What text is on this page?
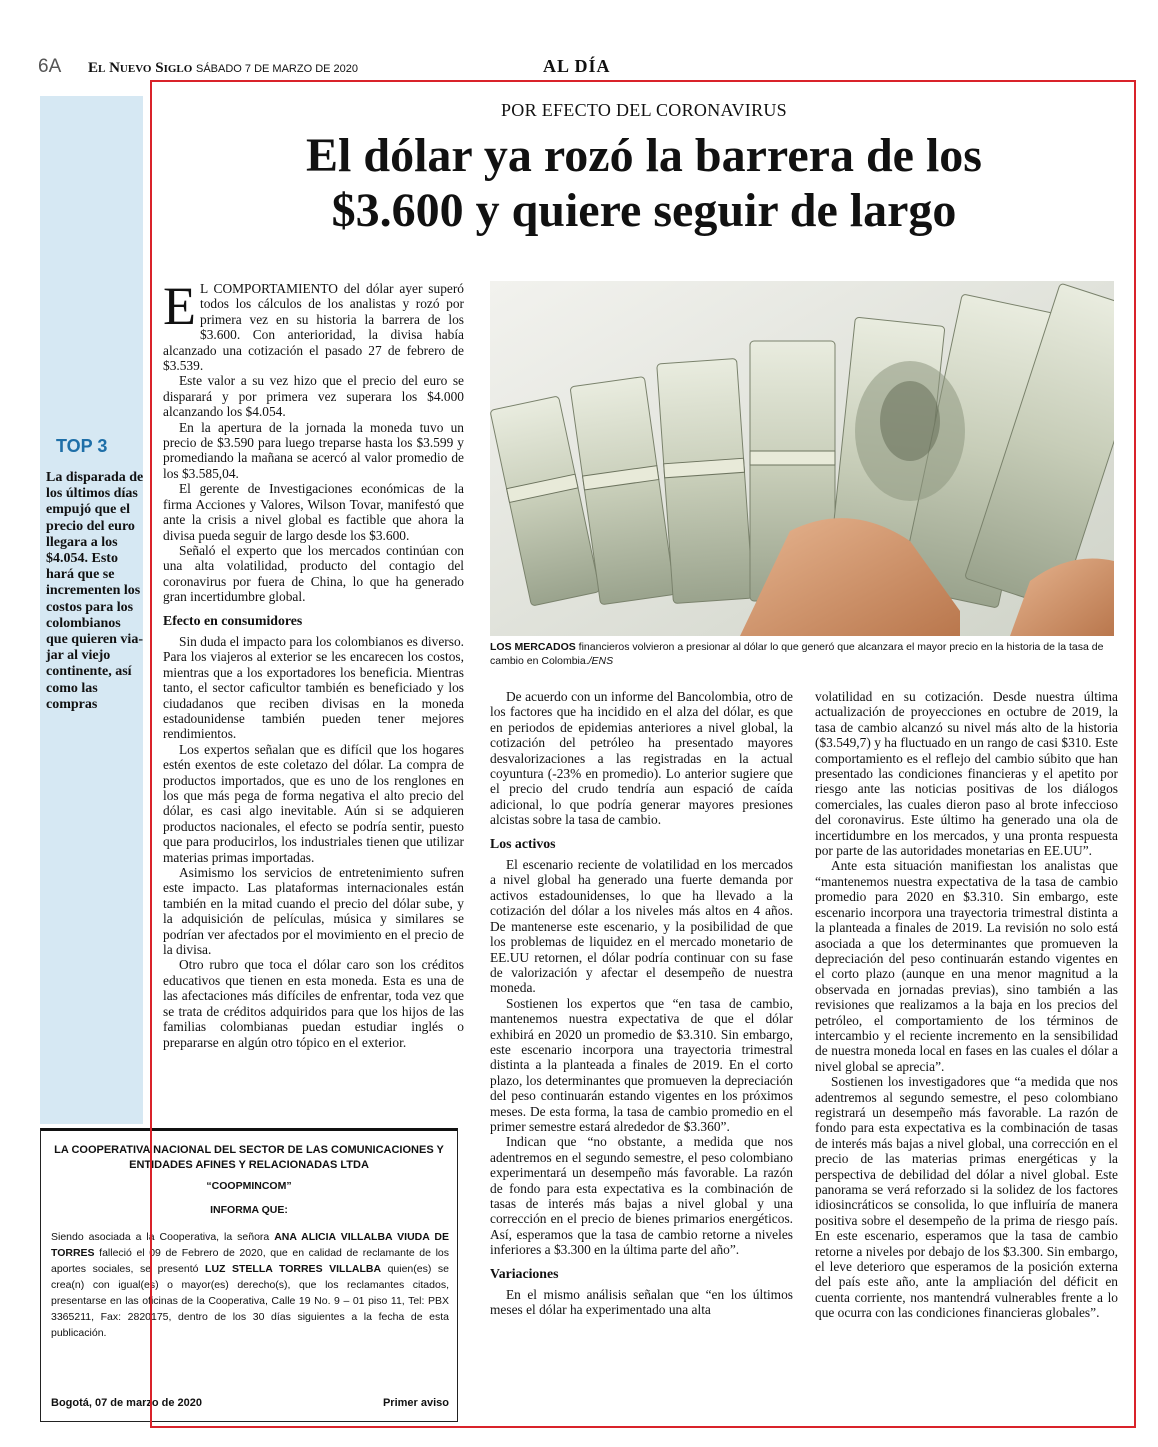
6A El Nuevo Siglo SÁBADO 7 DE MARZO DE 2020	AL DÍA
TOP 3
La disparada de los últimos días empujó que el precio del euro llegara a los $4.054. Esto hará que se incrementen los costos para los colombianos que quieren viajar al viejo continente, así como las compras
POR EFECTO DEL CORONAVIRUS
El dólar ya rozó la barrera de los
$3.600 y quiere seguir de largo

E L COMPORTAMIENTO del dólar ayer superó todos los cálculos de los analistas y rozó por primera vez en su historia la barrera de los $3.600. Con anterioridad, la divisa había alcanzado una cotización el pasado 27 de febrero de $3.539.

Este valor a su vez hizo que el precio del euro se disparará y por primera vez superara los $4.000 alcanzando los $4.054.

En la apertura de la jornada la moneda tuvo un precio de $3.590 para luego treparse hasta los $3.599 y promediando la mañana se acercó al valor promedio de los $3.585,04.

El gerente de Investigaciones económicas de la firma Acciones y Valores, Wilson Tovar, manifestó que ante la crisis a nivel global es factible que ahora la divisa pueda seguir de largo desde los $3.600.

Señaló el experto que los mercados continúan con una alta volatilidad, producto del contagio del coronavirus por fuera de China, lo que ha generado gran incertidumbre global.

Efecto en consumidores

Sin duda el impacto para los colombianos es diverso. Para los viajeros al exterior se les encarecen los costos, mientras que a los exportadores los beneficia. Mientras tanto, el sector caficultor también es beneficiado y los ciudadanos que reciben divisas en la moneda estadounidense también pueden tener mejores rendimientos.

Los expertos señalan que es difícil que los hogares estén exentos de este coletazo del dólar. La compra de productos importados, que es uno de los renglones en los que más pega de forma negativa el alto precio del dólar, es casi algo inevitable. Aún si se adquieren productos nacionales, el efecto se podría sentir, puesto que para producirlos, los industriales tienen que utilizar materias primas importadas.

Asimismo los servicios de entretenimiento sufren este impacto. Las plataformas internacionales están también en la mitad cuando el precio del dólar sube, y la adquisición de películas, música y similares se podrían ver afectados por el movimiento en el precio de la divisa.

Otro rubro que toca el dólar caro son los créditos educativos que tienen en esta moneda. Esta es una de las afectaciones más difíciles de enfrentar, toda vez que se trata de créditos adquiridos para que los hijos de las familias colombianas puedan estudiar inglés o prepararse en algún otro tópico en el exterior.

LOS MERCADOS financieros volvieron a presionar al dólar lo que generó que alcanzara el mayor precio en la historia de la tasa de cambio en Colombia./ENS

De acuerdo con un informe del Bancolombia, otro de los factores que ha incidido en el alza del dólar, es que en periodos de epidemias anteriores a nivel global, la cotización del petróleo ha presentado mayores desvalorizaciones a las registradas en la actual coyuntura (-23% en promedio). Lo anterior sugiere que el precio del crudo tendría aun espació de caída adicional, lo que podría generar mayores presiones alcistas sobre la tasa de cambio.

Los activos

El escenario reciente de volatilidad en los mercados a nivel global ha generado una fuerte demanda por activos estadounidenses, lo que ha llevado a la cotización del dólar a los niveles más altos en 4 años. De mantenerse este escenario, y la posibilidad de que los problemas de liquidez en el mercado monetario de EE.UU retornen, el dólar podría continuar con su fase de valorización y afectar el desempeño de nuestra moneda.

Sostienen los expertos que “en tasa de cambio, mantenemos nuestra expectativa de que el dólar exhibirá en 2020 un promedio de $3.310. Sin embargo, este escenario incorpora una trayectoria trimestral distinta a la planteada a finales de 2019. En el corto plazo, los determinantes que promueven la depreciación del peso continuarán estando vigentes en los próximos meses. De esta forma, la tasa de cambio promedio en el primer semestre estará alrededor de $3.360”.

Indican que “no obstante, a medida que nos adentremos en el segundo semestre, el peso colombiano experimentará un desempeño más favorable. La razón de fondo para esta expectativa es la combinación de tasas de interés más bajas a nivel global y una corrección en el precio de bienes primarios energéticos. Así, esperamos que la tasa de cambio retorne a niveles inferiores a $3.300 en la última parte del año”.

Variaciones

En el mismo análisis señalan que “en los últimos meses el dólar ha experimentado una alta

volatilidad en su cotización. Desde nuestra última actualización de proyecciones en octubre de 2019, la tasa de cambio alcanzó su nivel más alto de la historia ($3.549,7) y ha fluctuado en un rango de casi $310. Este comportamiento es el reflejo del cambio súbito que han presentado las condiciones financieras y el apetito por riesgo ante las noticias positivas de los diálogos comerciales, las cuales dieron paso al brote infeccioso del coronavirus. Este último ha generado una ola de incertidumbre en los mercados, y una pronta respuesta por parte de las autoridades monetarias en EE.UU”.

Ante esta situación manifiestan los analistas que “mantenemos nuestra expectativa de la tasa de cambio promedio para 2020 en $3.310. Sin embargo, este escenario incorpora una trayectoria trimestral distinta a la planteada a finales de 2019. La revisión no solo está asociada a que los determinantes que promueven la depreciación del peso continuarán estando vigentes en el corto plazo (aunque en una menor magnitud a la observada en jornadas previas), sino también a las revisiones que realizamos a la baja en los precios del petróleo, el comportamiento de los términos de intercambio y el reciente incremento en la sensibilidad de nuestra moneda local en fases en las cuales el dólar a nivel global se aprecia”.

Sostienen los investigadores que “a medida que nos adentremos al segundo semestre, el peso colombiano registrará un desempeño más favorable. La razón de fondo para esta expectativa es la combinación de tasas de interés más bajas a nivel global, una corrección en el precio de las materias primas energéticas y la perspectiva de debilidad del dólar a nivel global. Este panorama se verá reforzado si la solidez de los factores idiosincráticos se consolida, lo que influiría de manera positiva sobre el desempeño de la prima de riesgo país. En este escenario, esperamos que la tasa de cambio retorne a niveles por debajo de los $3.300. Sin embargo, el leve deterioro que esperamos de la posición externa del país este año, ante la ampliación del déficit en cuenta corriente, nos mantendrá vulnerables frente a lo que ocurra con las condiciones financieras globales”.

LA COOPERATIVA NACIONAL DEL SECTOR DE LAS COMUNICACIONES Y
ENTIDADES AFINES Y RELACIONADAS LTDA
“COOPMINCOM”
INFORMA QUE:
Siendo asociada a la Cooperativa, la señora ANA ALICIA VILLALBA VIUDA DE TORRES falleció el 09 de Febrero de 2020, que en calidad de reclamante de los aportes sociales, se presentó LUZ STELLA TORRES VILLALBA quien(es) se crea(n) con igual(es) o mayor(es) derecho(s), que los reclamantes citados, presentarse en las oficinas de la Cooperativa, Calle 19 No. 9 – 01 piso 11, Tel: PBX 3365211, Fax: 2820175, dentro de los 30 días siguientes a la fecha de esta publicación.
Bogotá, 07 de marzo de 2020	Primer aviso
